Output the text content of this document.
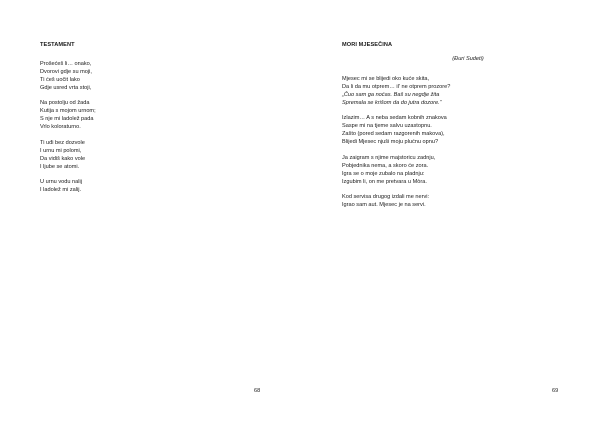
TESTAMENT
Prošećeš li… onako,
Dvorovi gdje su moji,
Ti ćeš uočit lako
Gdje usred vrta stoji,
Na postolju od žada
Kutija s mojom urnom;
S nje mi ladolež pada
Vrlo koloraturno.
Ti uđi bez dozvole
I urnu mi polomi,
Da vidiš kako vole
I ljube se atomi.
U urnu vodu nalij
I ladolež mi zalij.
68
MORI MJESEČINA
(Đuri Sudeti)
Mjesec mi se blijedi oko kuće skita,
Da li da mu otprem… il' ne otprem prozore?
„Čuo sam ga noćas. Baš su negdje žita
Spremala se krišom da do jutra dozore.“
Izlazim… A s neba sedam kobnih znakova
Saspe mi na tjeme salvu uzastopnu.
Zašto (pored sedam razgorenih makova),
Blijedi Mjesec njuši moju plućnu opnu?
Ja zaigram s njime majstoricu zadnju,
Pobjednika nema, a skoro će zora.
Igra se o moje zubalo na pladnju:
Izgubim li, on me pretvara u Mòra.
Kod servisa drugog izdali me nervi:
Igrao sam aut. Mjesec je na servi.
69
